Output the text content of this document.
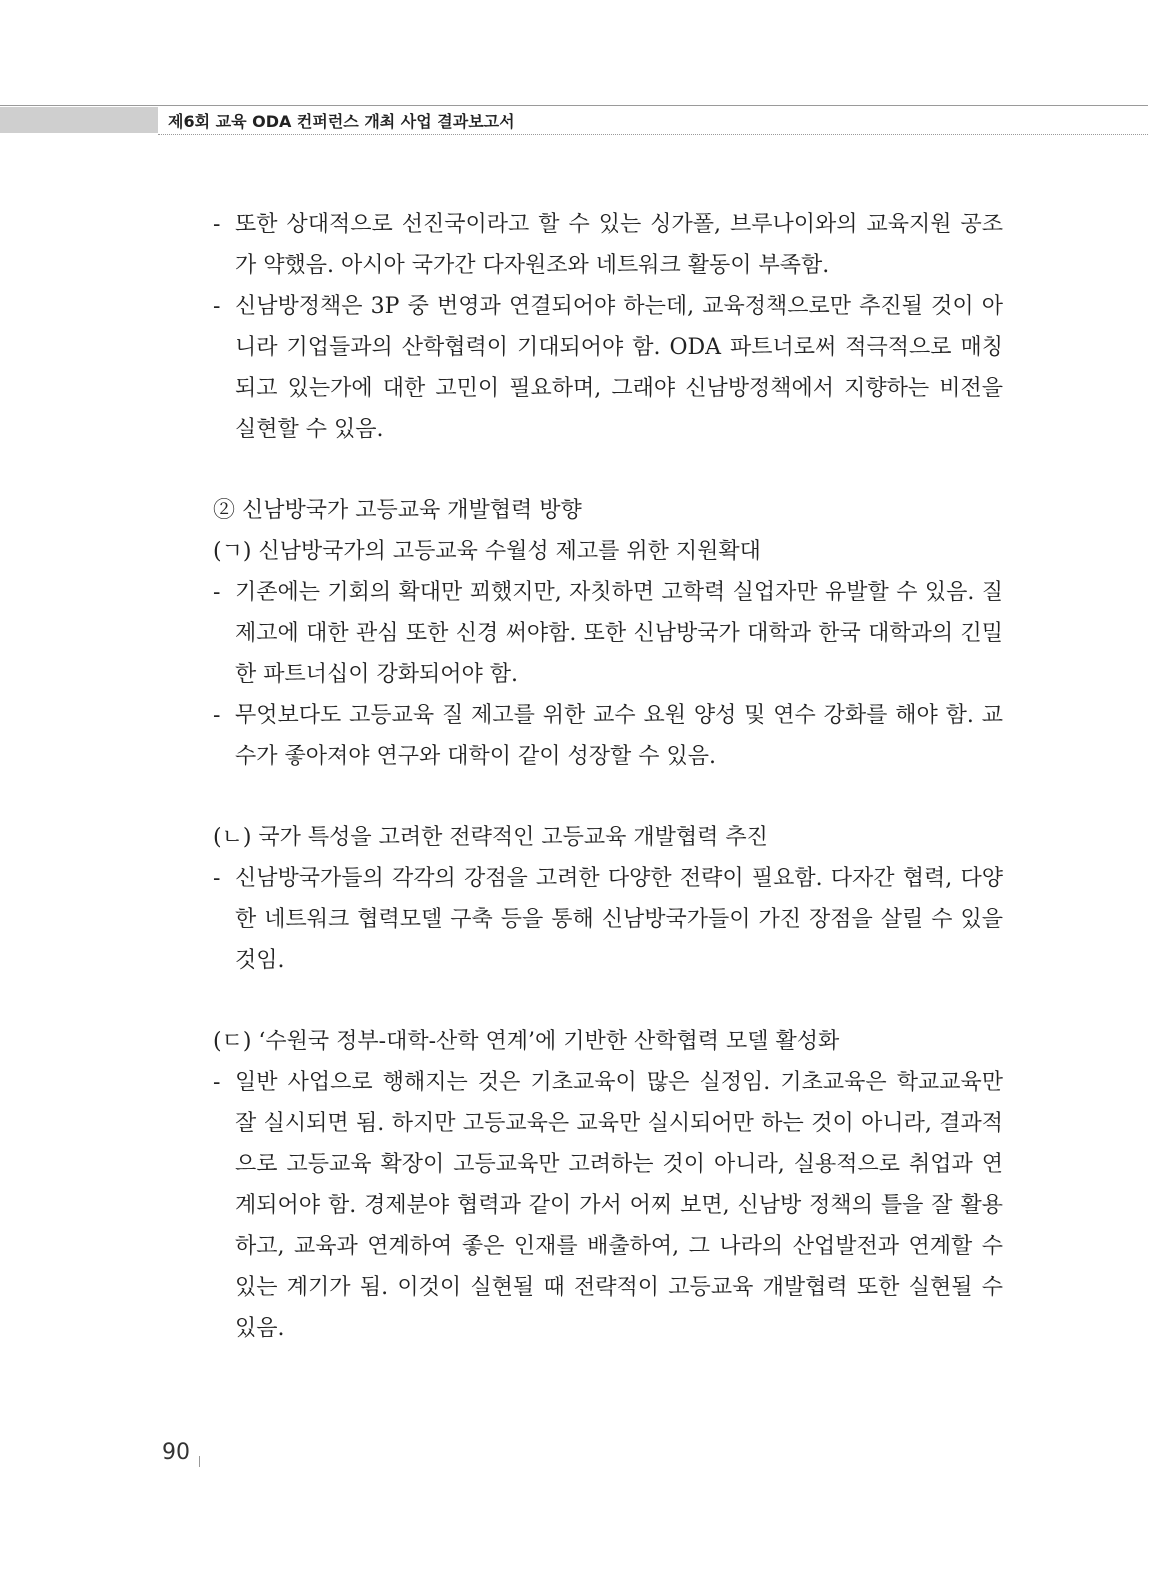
제6회 교육 ODA 컨퍼런스 개최 사업 결과보고서
- 또한 상대적으로 선진국이라고 할 수 있는 싱가폴, 브루나이와의 교육지원 공조가 약했음. 아시아 국가간 다자원조와 네트워크 활동이 부족함.
- 신남방정책은 3P 중 번영과 연결되어야 하는데, 교육정책으로만 추진될 것이 아니라 기업들과의 산학협력이 기대되어야 함. ODA 파트너로써 적극적으로 매칭되고 있는가에 대한 고민이 필요하며, 그래야 신남방정책에서 지향하는 비전을 실현할 수 있음.
② 신남방국가 고등교육 개발협력 방향
(ㄱ) 신남방국가의 고등교육 수월성 제고를 위한 지원확대
- 기존에는 기회의 확대만 꾀했지만, 자칫하면 고학력 실업자만 유발할 수 있음. 질 제고에 대한 관심 또한 신경 써야함. 또한 신남방국가 대학과 한국 대학과의 긴밀한 파트너십이 강화되어야 함.
- 무엇보다도 고등교육 질 제고를 위한 교수 요원 양성 및 연수 강화를 해야 함. 교수가 좋아져야 연구와 대학이 같이 성장할 수 있음.
(ㄴ) 국가 특성을 고려한 전략적인 고등교육 개발협력 추진
- 신남방국가들의 각각의 강점을 고려한 다양한 전략이 필요함. 다자간 협력, 다양한 네트워크 협력모델 구축 등을 통해 신남방국가들이 가진 장점을 살릴 수 있을 것임.
(ㄷ) ‘수원국 정부-대학-산학 연계’에 기반한 산학협력 모델 활성화
- 일반 사업으로 행해지는 것은 기초교육이 많은 실정임. 기초교육은 학교교육만 잘 실시되면 됨. 하지만 고등교육은 교육만 실시되어만 하는 것이 아니라, 결과적으로 고등교육 확장이 고등교육만 고려하는 것이 아니라, 실용적으로 취업과 연계되어야 함. 경제분야 협력과 같이 가서 어찌 보면, 신남방 정책의 틀을 잘 활용하고, 교육과 연계하여 좋은 인재를 배출하여, 그 나라의 산업발전과 연계할 수 있는 계기가 됨. 이것이 실현될 때 전략적이 고등교육 개발협력 또한 실현될 수 있음.
90
